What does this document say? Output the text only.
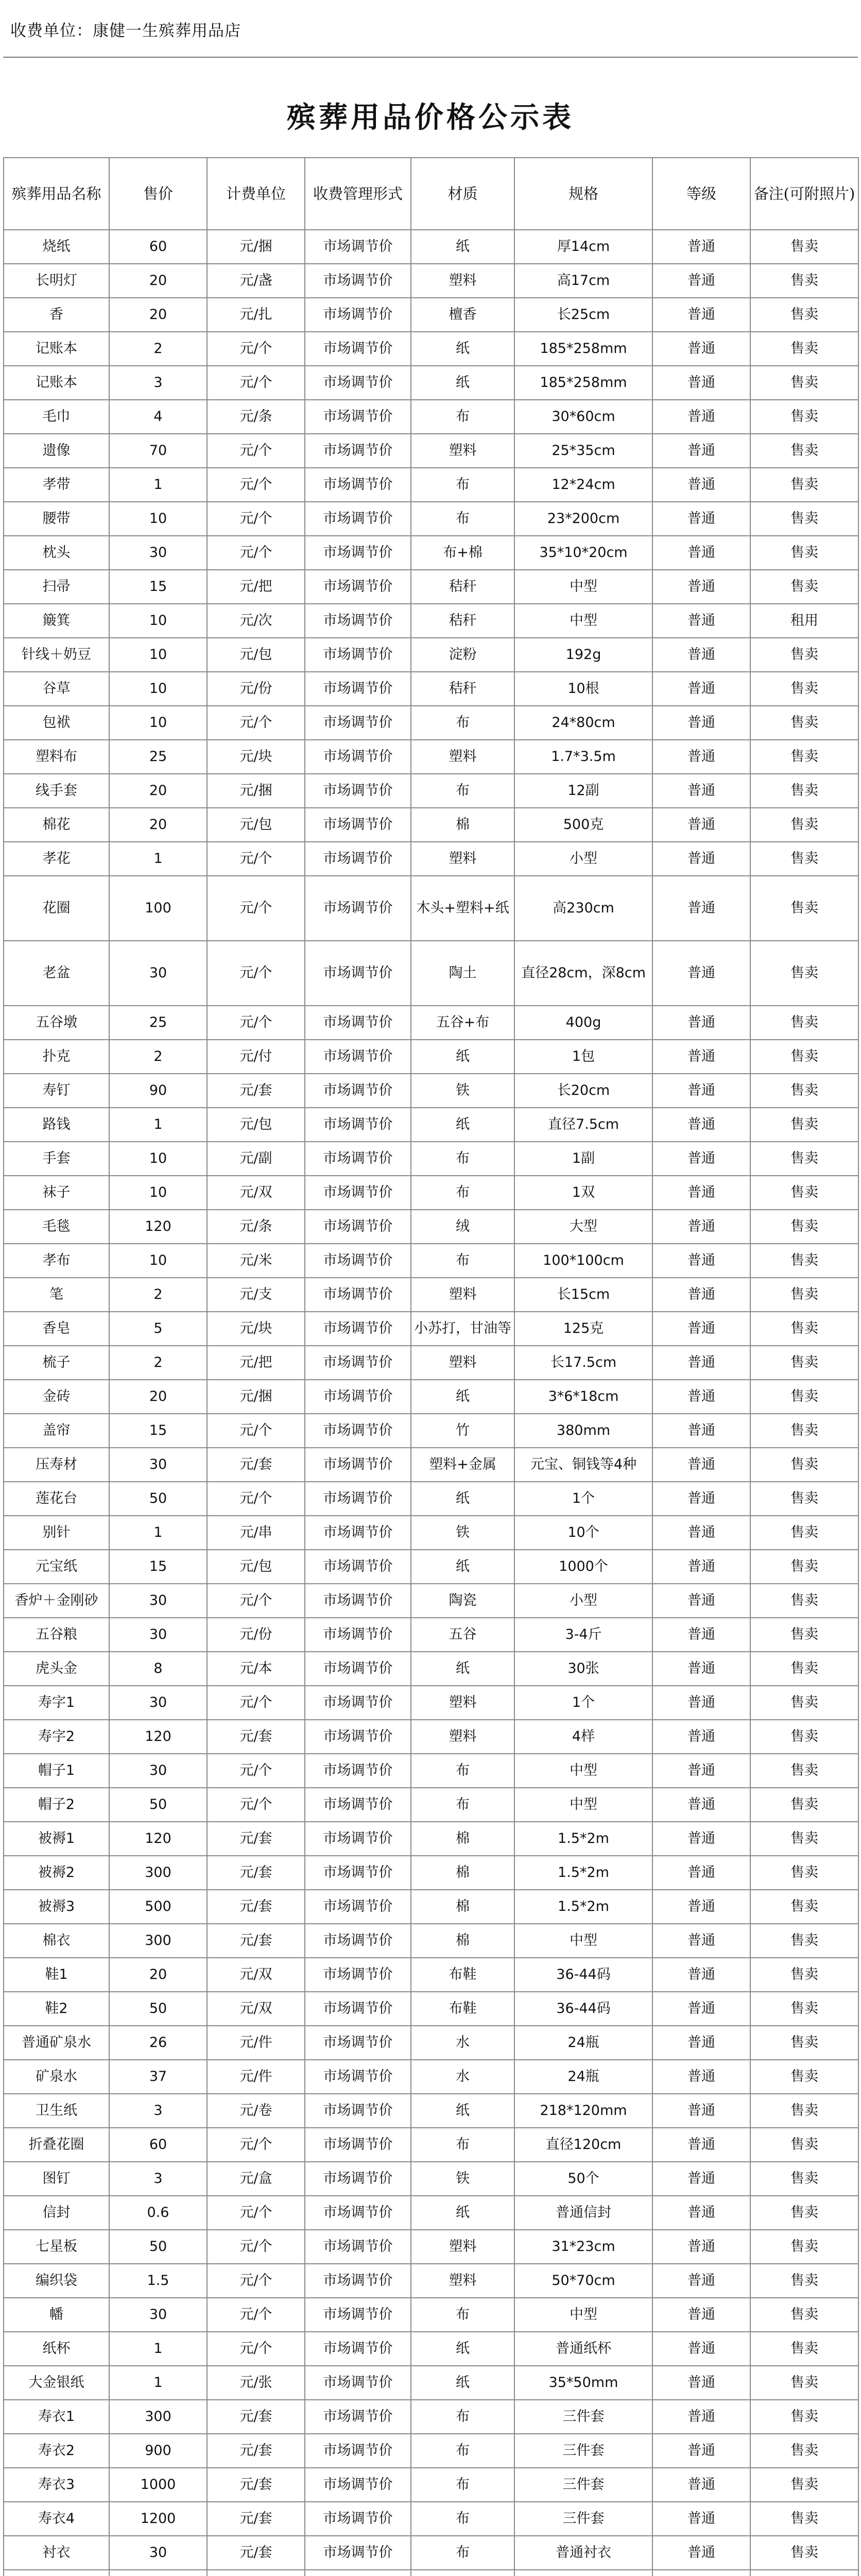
收费单位：康健一生殡葬用品店
殡葬用品价格公示表
殡葬用品名称	售价	计费单位	收费管理形式	材质	规格	等级	备注(可附照片)
烧纸	60	元/捆	市场调节价	纸	厚14cm	普通	售卖
长明灯	20	元/盏	市场调节价	塑料	高17cm	普通	售卖
香	20	元/扎	市场调节价	檀香	长25cm	普通	售卖
记账本	2	元/个	市场调节价	纸	185*258mm	普通	售卖
记账本	3	元/个	市场调节价	纸	185*258mm	普通	售卖
毛巾	4	元/条	市场调节价	布	30*60cm	普通	售卖
遗像	70	元/个	市场调节价	塑料	25*35cm	普通	售卖
孝带	1	元/个	市场调节价	布	12*24cm	普通	售卖
腰带	10	元/个	市场调节价	布	23*200cm	普通	售卖
枕头	30	元/个	市场调节价	布+棉	35*10*20cm	普通	售卖
扫帚	15	元/把	市场调节价	秸秆	中型	普通	售卖
簸箕	10	元/次	市场调节价	秸秆	中型	普通	租用
针线＋奶豆	10	元/包	市场调节价	淀粉	192g	普通	售卖
谷草	10	元/份	市场调节价	秸秆	10根	普通	售卖
包袱	10	元/个	市场调节价	布	24*80cm	普通	售卖
塑料布	25	元/块	市场调节价	塑料	1.7*3.5m	普通	售卖
线手套	20	元/捆	市场调节价	布	12副	普通	售卖
棉花	20	元/包	市场调节价	棉	500克	普通	售卖
孝花	1	元/个	市场调节价	塑料	小型	普通	售卖
花圈	100	元/个	市场调节价	木头+塑料+纸	高230cm	普通	售卖
老盆	30	元/个	市场调节价	陶土	直径28cm，深8cm	普通	售卖
五谷墩	25	元/个	市场调节价	五谷+布	400g	普通	售卖
扑克	2	元/付	市场调节价	纸	1包	普通	售卖
寿钉	90	元/套	市场调节价	铁	长20cm	普通	售卖
路钱	1	元/包	市场调节价	纸	直径7.5cm	普通	售卖
手套	10	元/副	市场调节价	布	1副	普通	售卖
袜子	10	元/双	市场调节价	布	1双	普通	售卖
毛毯	120	元/条	市场调节价	绒	大型	普通	售卖
孝布	10	元/米	市场调节价	布	100*100cm	普通	售卖
笔	2	元/支	市场调节价	塑料	长15cm	普通	售卖
香皂	5	元/块	市场调节价	小苏打，甘油等	125克	普通	售卖
梳子	2	元/把	市场调节价	塑料	长17.5cm	普通	售卖
金砖	20	元/捆	市场调节价	纸	3*6*18cm	普通	售卖
盖帘	15	元/个	市场调节价	竹	380mm	普通	售卖
压寿材	30	元/套	市场调节价	塑料+金属	元宝、铜钱等4种	普通	售卖
莲花台	50	元/个	市场调节价	纸	1个	普通	售卖
别针	1	元/串	市场调节价	铁	10个	普通	售卖
元宝纸	15	元/包	市场调节价	纸	1000个	普通	售卖
香炉＋金刚砂	30	元/个	市场调节价	陶瓷	小型	普通	售卖
五谷粮	30	元/份	市场调节价	五谷	3-4斤	普通	售卖
虎头金	8	元/本	市场调节价	纸	30张	普通	售卖
寿字1	30	元/个	市场调节价	塑料	1个	普通	售卖
寿字2	120	元/套	市场调节价	塑料	4样	普通	售卖
帽子1	30	元/个	市场调节价	布	中型	普通	售卖
帽子2	50	元/个	市场调节价	布	中型	普通	售卖
被褥1	120	元/套	市场调节价	棉	1.5*2m	普通	售卖
被褥2	300	元/套	市场调节价	棉	1.5*2m	普通	售卖
被褥3	500	元/套	市场调节价	棉	1.5*2m	普通	售卖
棉衣	300	元/套	市场调节价	棉	中型	普通	售卖
鞋1	20	元/双	市场调节价	布鞋	36-44码	普通	售卖
鞋2	50	元/双	市场调节价	布鞋	36-44码	普通	售卖
普通矿泉水	26	元/件	市场调节价	水	24瓶	普通	售卖
矿泉水	37	元/件	市场调节价	水	24瓶	普通	售卖
卫生纸	3	元/卷	市场调节价	纸	218*120mm	普通	售卖
折叠花圈	60	元/个	市场调节价	布	直径120cm	普通	售卖
图钉	3	元/盒	市场调节价	铁	50个	普通	售卖
信封	0.6	元/个	市场调节价	纸	普通信封	普通	售卖
七星板	50	元/个	市场调节价	塑料	31*23cm	普通	售卖
编织袋	1.5	元/个	市场调节价	塑料	50*70cm	普通	售卖
幡	30	元/个	市场调节价	布	中型	普通	售卖
纸杯	1	元/个	市场调节价	纸	普通纸杯	普通	售卖
大金银纸	1	元/张	市场调节价	纸	35*50mm	普通	售卖
寿衣1	300	元/套	市场调节价	布	三件套	普通	售卖
寿衣2	900	元/套	市场调节价	布	三件套	普通	售卖
寿衣3	1000	元/套	市场调节价	布	三件套	普通	售卖
寿衣4	1200	元/套	市场调节价	布	三件套	普通	售卖
衬衣	30	元/套	市场调节价	布	普通衬衣	普通	售卖
